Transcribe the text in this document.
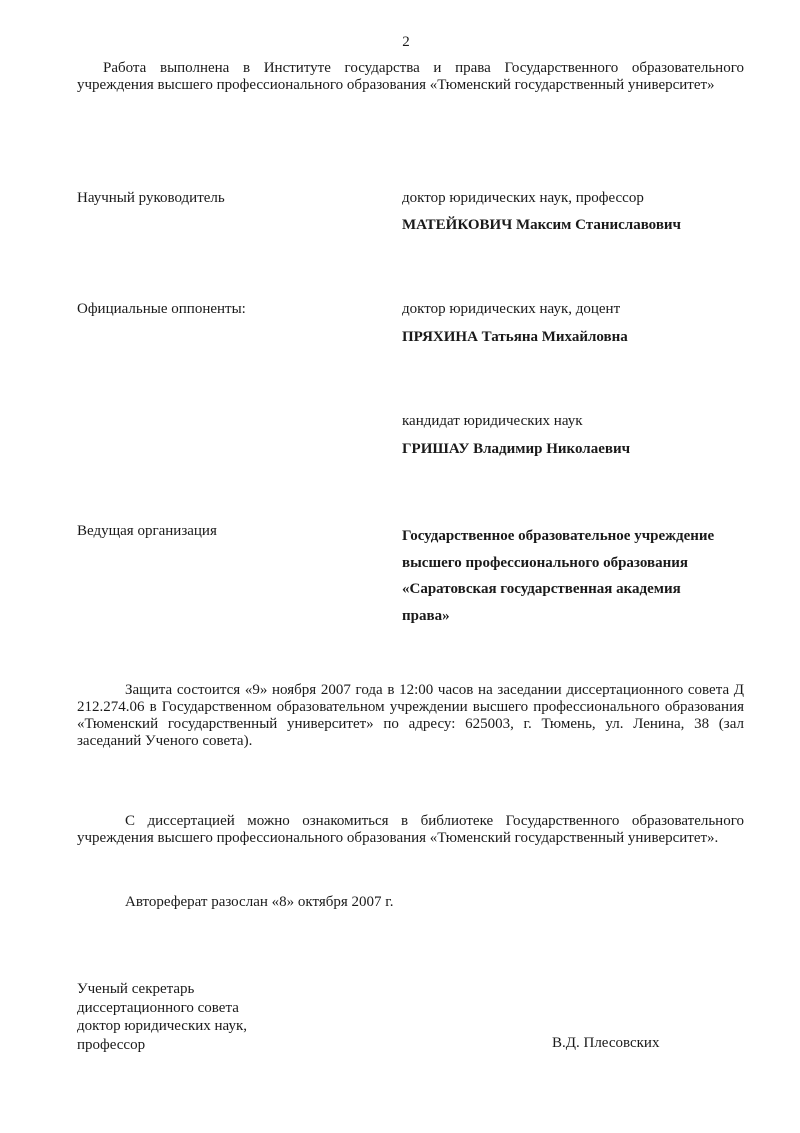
2
Работа выполнена в Институте государства и права Государственного образовательного учреждения высшего профессионального образования «Тюменский государственный университет»
Научный руководитель	доктор юридических наук, профессор
МАТЕЙКОВИЧ Максим Станиславович
Официальные оппоненты:	доктор юридических наук, доцент
ПРЯХИНА Татьяна Михайловна
кандидат юридических наук
ГРИШАУ Владимир Николаевич
Ведущая организация	Государственное образовательное учреждение
высшего профессионального образования
«Саратовская государственная академия
права»
Защита состоится «9» ноября 2007 года в 12:00 часов на заседании диссертационного совета Д 212.274.06 в Государственном образовательном учреждении высшего профессионального образования «Тюменский государственный университет» по адресу: 625003, г. Тюмень, ул. Ленина, 38 (зал заседаний Ученого совета).
С диссертацией можно ознакомиться в библиотеке Государственного образовательного учреждения высшего профессионального образования «Тюменский государственный университет».
Автореферат разослан «8» октября 2007 г.
Ученый секретарь
диссертационного совета
доктор юридических наук,
профессор	В.Д. Плесовских
